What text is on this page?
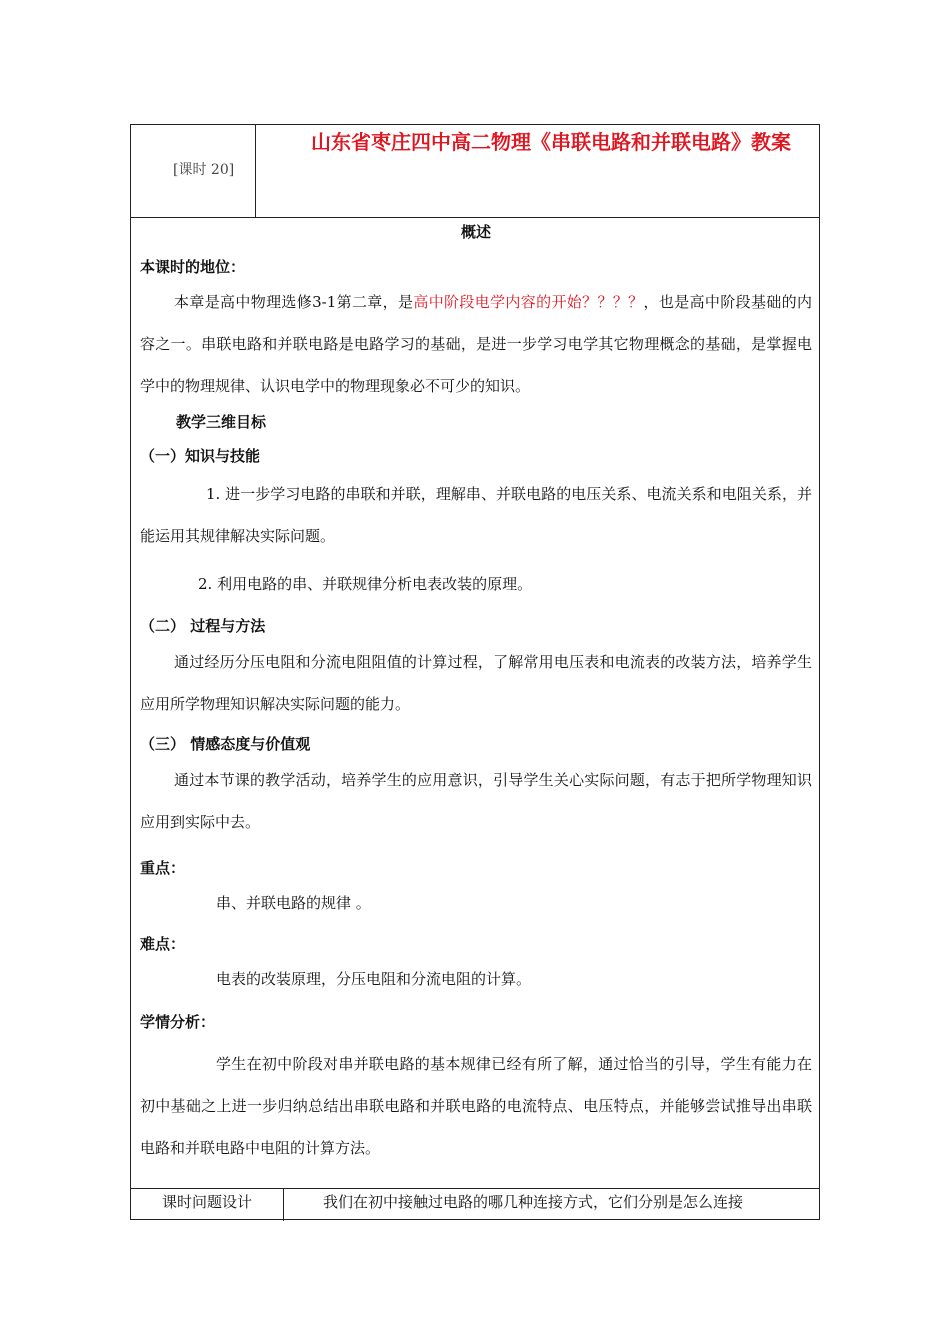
[课时 20]
山东省枣庄四中高二物理《串联电路和并联电路》教案
概述
本课时的地位：
本章是高中物理选修3-1第二章，是高中阶段电学内容的开始？？？？，也是高中阶段基础的内容之一。串联电路和并联电路是电路学习的基础，是进一步学习电学其它物理概念的基础，是掌握电学中的物理规律、认识电学中的物理现象必不可少的知识。
教学三维目标
（一）知识与技能
1. 进一步学习电路的串联和并联，理解串、并联电路的电压关系、电流关系和电阻关系，并能运用其规律解决实际问题。
2. 利用电路的串、并联规律分析电表改装的原理。
（二） 过程与方法
通过经历分压电阻和分流电阻阻值的计算过程，了解常用电压表和电流表的改装方法，培养学生应用所学物理知识解决实际问题的能力。
（三） 情感态度与价值观
通过本节课的教学活动，培养学生的应用意识，引导学生关心实际问题，有志于把所学物理知识应用到实际中去。
重点：
串、并联电路的规律 。
难点：
电表的改装原理，分压电阻和分流电阻的计算。
学情分析：
学生在初中阶段对串并联电路的基本规律已经有所了解，通过恰当的引导，学生有能力在初中基础之上进一步归纳总结出串联电路和并联电路的电流特点、电压特点，并能够尝试推导出串联电路和并联电路中电阻的计算方法。
课时问题设计	我们在初中接触过电路的哪几种连接方式，它们分别是怎么连接
